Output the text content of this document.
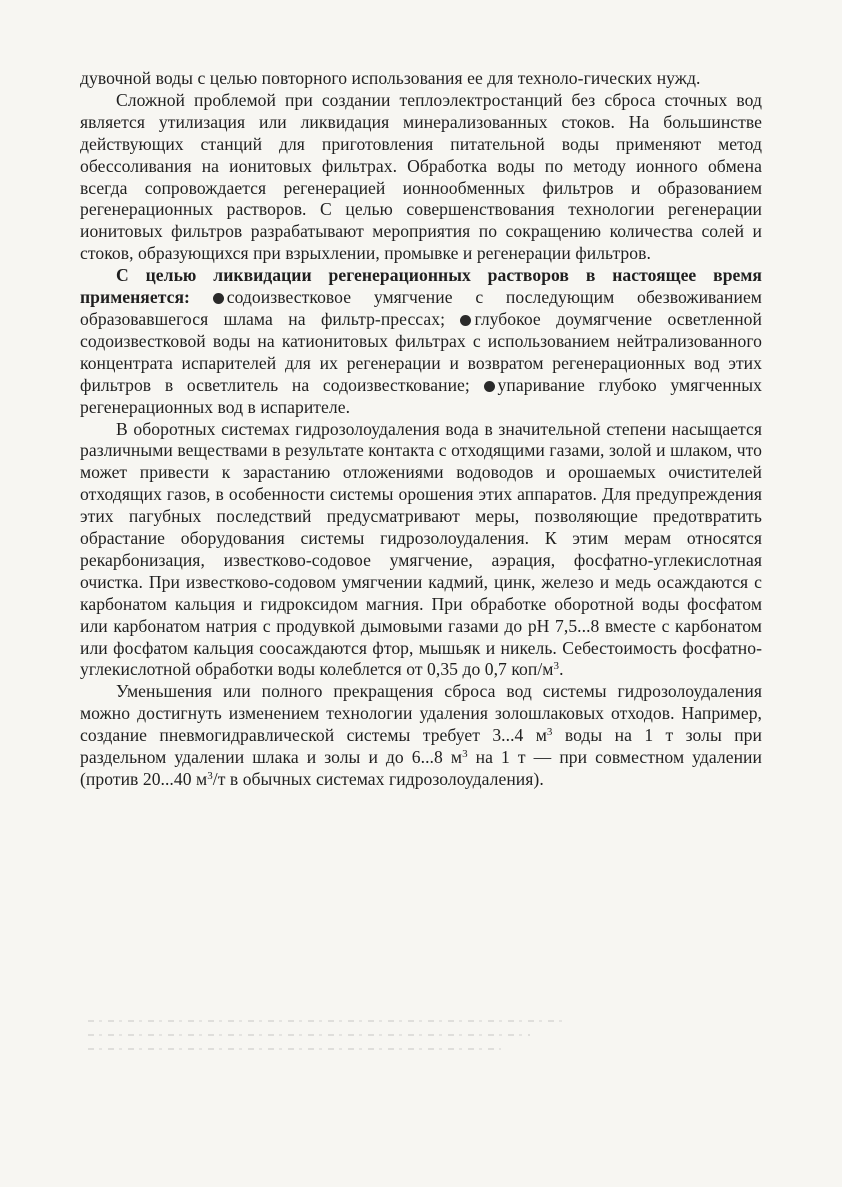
дувочной воды с целью повторного использования ее для техноло-гических нужд.

Сложной проблемой при создании теплоэлектростанций без сброса сточных вод является утилизация или ликвидация минерализованных стоков. На большинстве действующих станций для приготовления питательной воды применяют метод обессоливания на ионитовых фильтрах. Обработка воды по методу ионного обмена всегда сопровождается регенерацией ионнообменных фильтров и образованием регенерационных растворов. С целью совершенствования технологии регенерации ионитовых фильтров разрабатывают мероприятия по сокращению количества солей и стоков, образующихся при взрыхлении, промывке и регенерации фильтров.

С целью ликвидации регенерационных растворов в настоящее время применяется: содоизвестковое умягчение с последующим обезвоживанием образовавшегося шлама на фильтр-прессах; глубокое доумягчение осветленной содоизвестковой воды на катионитовых фильтрах с использованием нейтрализованного концентрата испарителей для их регенерации и возвратом регенерационных вод этих фильтров в осветлитель на содоизвесткование; упаривание глубоко умягченных регенерационных вод в испарителе.

В оборотных системах гидрозолоудаления вода в значительной степени насыщается различными веществами в результате контакта с отходящими газами, золой и шлаком, что может привести к зарастанию отложениями водоводов и орошаемых очистителей отходящих газов, в особенности системы орошения этих аппаратов. Для предупреждения этих пагубных последствий предусматривают меры, позволяющие предотвратить обрастание оборудования системы гидрозолоудаления. К этим мерам относятся рекарбонизация, известково-содовое умягчение, аэрация, фосфатно-углекислотная очистка. При известково-содовом умягчении кадмий, цинк, железо и медь осаждаются с карбонатом кальция и гидроксидом магния. При обработке оборотной воды фосфатом или карбонатом натрия с продувкой дымовыми газами до pH 7,5...8 вместе с карбонатом или фосфатом кальция соосаждаются фтор, мышьяк и никель. Себестоимость фосфатно-углекислотной обработки воды колеблется от 0,35 до 0,7 коп/$м^3$.

Уменьшения или полного прекращения сброса вод системы гидрозолоудаления можно достигнуть изменением технологии удаления золошлаковых отходов. Например, создание пневмогидравлической системы требует 3...4 $м^3$ воды на 1 т золы при раздельном удалении шлака и золы и до 6...8 $м^3$ на 1 т — при совместном удалении (против 20...40 $м^3/т$ в обычных системах гидрозолоудаления).
